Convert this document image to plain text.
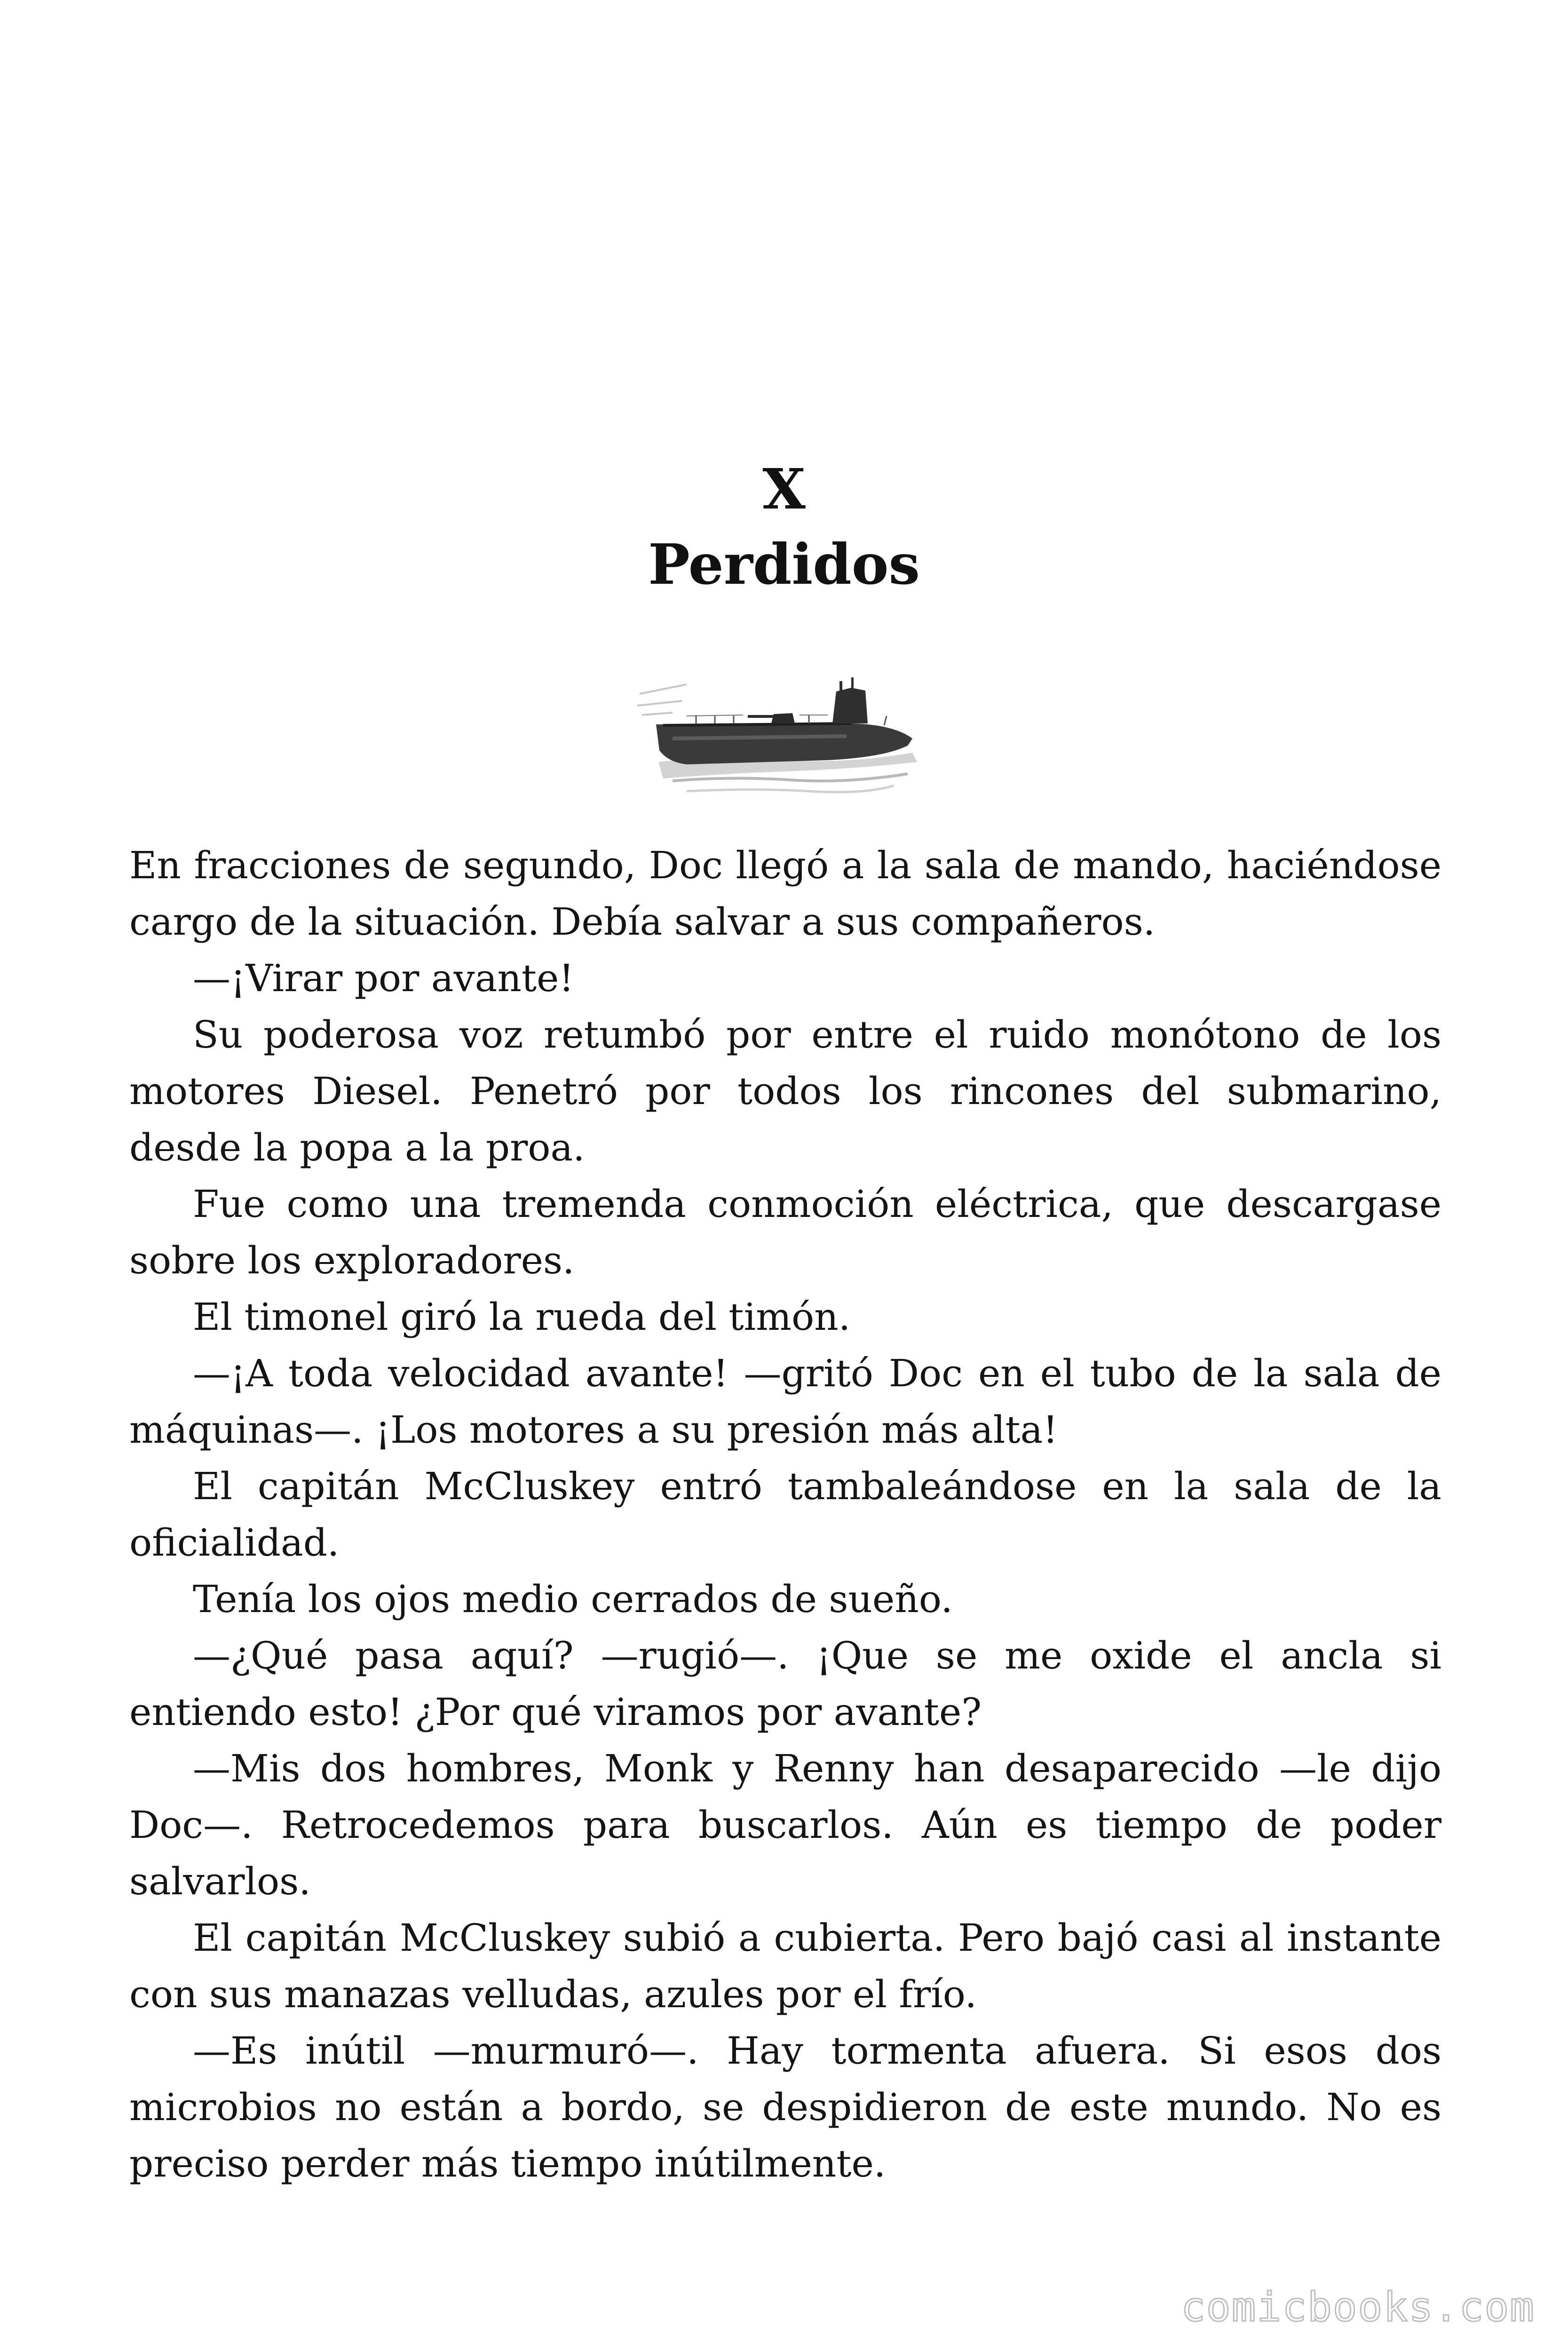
X
Perdidos

En fracciones de segundo, Doc llegó a la sala de mando, haciéndose cargo de la situación. Debía salvar a sus compañeros.

—¡Virar por avante!

Su poderosa voz retumbó por entre el ruido monótono de los motores Diesel. Penetró por todos los rincones del submarino, desde la popa a la proa.

Fue como una tremenda conmoción eléctrica, que descargase sobre los exploradores.

El timonel giró la rueda del timón.

—¡A toda velocidad avante! —gritó Doc en el tubo de la sala de máquinas—. ¡Los motores a su presión más alta!

El capitán McCluskey entró tambaleándose en la sala de la oficialidad.

Tenía los ojos medio cerrados de sueño.

—¿Qué pasa aquí? —rugió—. ¡Que se me oxide el ancla si entiendo esto! ¿Por qué viramos por avante?

—Mis dos hombres, Monk y Renny han desaparecido —le dijo Doc—. Retrocedemos para buscarlos. Aún es tiempo de poder salvarlos.

El capitán McCluskey subió a cubierta. Pero bajó casi al instante con sus manazas velludas, azules por el frío.

—Es inútil —murmuró—. Hay tormenta afuera. Si esos dos microbios no están a bordo, se despidieron de este mundo. No es preciso perder más tiempo inútilmente.

comicbooks.com
